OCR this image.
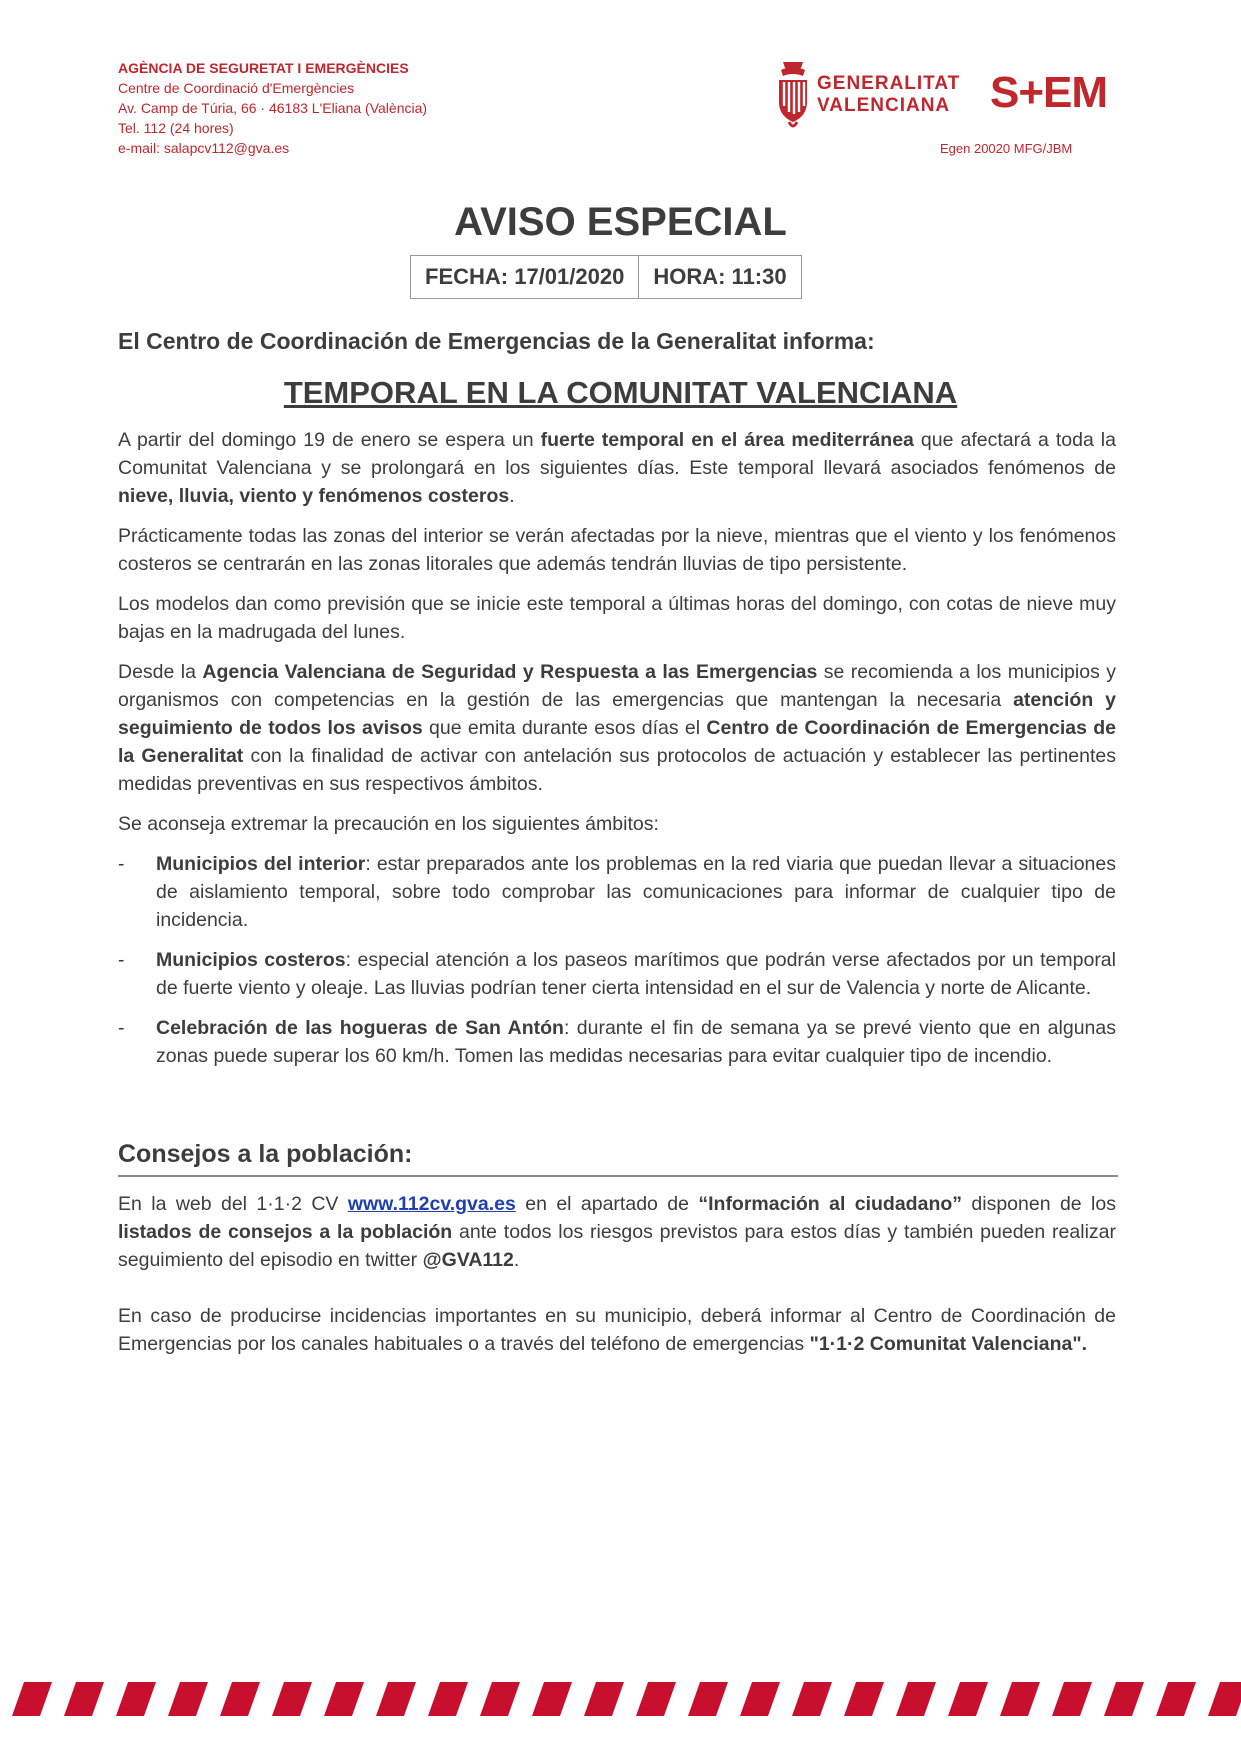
AGÈNCIA DE SEGURETAT I EMERGÈNCIES
Centre de Coordinació d'Emergències
Av. Camp de Túria, 66 · 46183 L'Eliana (València)
Tel. 112 (24 hores)
e-mail: salapcv112@gva.es
GENERALITAT
VALENCIANA S+EM
Egen 20020 MFG/JBM
AVISO ESPECIAL
FECHA: 17/01/2020	HORA: 11:30
El Centro de Coordinación de Emergencias de la Generalitat informa:
TEMPORAL EN LA COMUNITAT VALENCIANA

A partir del domingo 19 de enero se espera un fuerte temporal en el área mediterránea que afectará a toda la Comunitat Valenciana y se prolongará en los siguientes días. Este temporal llevará asociados fenómenos de nieve, lluvia, viento y fenómenos costeros.

Prácticamente todas las zonas del interior se verán afectadas por la nieve, mientras que el viento y los fenómenos costeros se centrarán en las zonas litorales que además tendrán lluvias de tipo persistente.

Los modelos dan como previsión que se inicie este temporal a últimas horas del domingo, con cotas de nieve muy bajas en la madrugada del lunes.

Desde la Agencia Valenciana de Seguridad y Respuesta a las Emergencias se recomienda a los municipios y organismos con competencias en la gestión de las emergencias que mantengan la necesaria atención y seguimiento de todos los avisos que emita durante esos días el Centro de Coordinación de Emergencias de la Generalitat con la finalidad de activar con antelación sus protocolos de actuación y establecer las pertinentes medidas preventivas en sus respectivos ámbitos.

Se aconseja extremar la precaución en los siguientes ámbitos:

- Municipios del interior: estar preparados ante los problemas en la red viaria que puedan llevar a situaciones de aislamiento temporal, sobre todo comprobar las comunicaciones para informar de cualquier tipo de incidencia.
- Municipios costeros: especial atención a los paseos marítimos que podrán verse afectados por un temporal de fuerte viento y oleaje. Las lluvias podrían tener cierta intensidad en el sur de Valencia y norte de Alicante.
- Celebración de las hogueras de San Antón: durante el fin de semana ya se prevé viento que en algunas zonas puede superar los 60 km/h. Tomen las medidas necesarias para evitar cualquier tipo de incendio.
Consejos a la población:

En la web del 1·1·2 CV www.112cv.gva.es en el apartado de “Información al ciudadano” disponen de los listados de consejos a la población ante todos los riesgos previstos para estos días y también pueden realizar seguimiento del episodio en twitter @GVA112.

En caso de producirse incidencias importantes en su municipio, deberá informar al Centro de Coordinación de Emergencias por los canales habituales o a través del teléfono de emergencias "1·1·2 Comunitat Valenciana".
